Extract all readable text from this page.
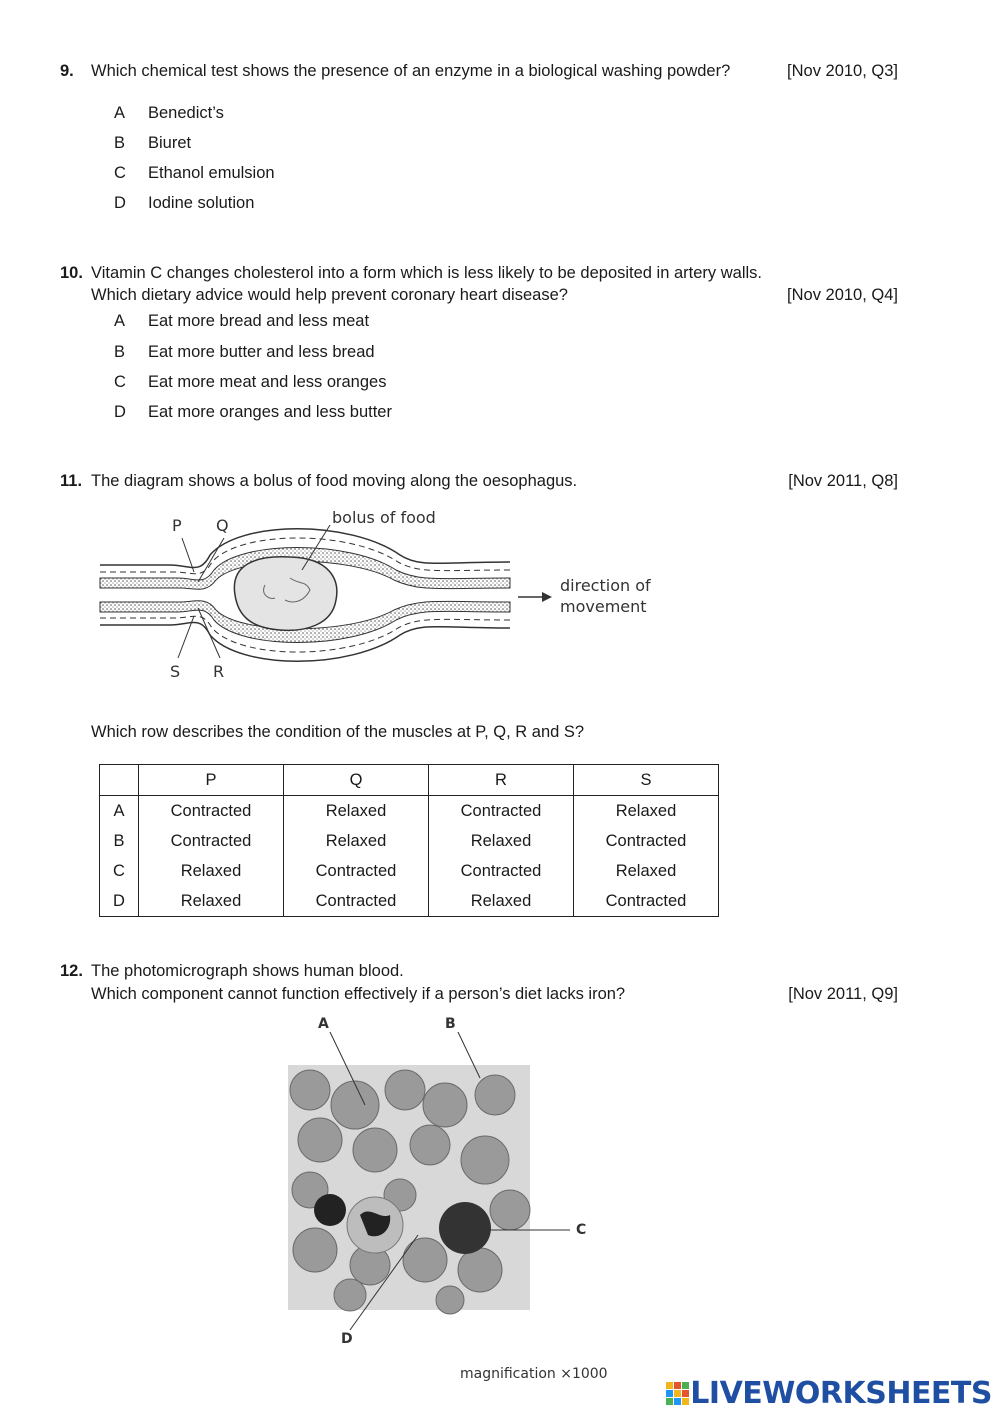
9. Which chemical test shows the presence of an enzyme in a biological washing powder?	[Nov 2010, Q3]
A Benedict’s
B Biuret
C Ethanol emulsion
D Iodine solution
10. Vitamin C changes cholesterol into a form which is less likely to be deposited in artery walls.
Which dietary advice would help prevent coronary heart disease?	[Nov 2010, Q4]
A Eat more bread and less meat
B Eat more butter and less bread
C Eat more meat and less oranges
D Eat more oranges and less butter
11. The diagram shows a bolus of food moving along the oesophagus.	[Nov 2011, Q8]
P Q	bolus of food
direction of
movement
S R
Which row describes the condition of the muscles at P, Q, R and S?
	P	Q	R	S
A	Contracted	Relaxed	Contracted	Relaxed
B	Contracted	Relaxed	Relaxed	Contracted
C	Relaxed	Contracted	Contracted	Relaxed
D	Relaxed	Contracted	Relaxed	Contracted
12. The photomicrograph shows human blood.
Which component cannot function effectively if a person’s diet lacks iron?	[Nov 2011, Q9]
A	B
C
D
magnification ×1000
LIVEWORKSHEETS
